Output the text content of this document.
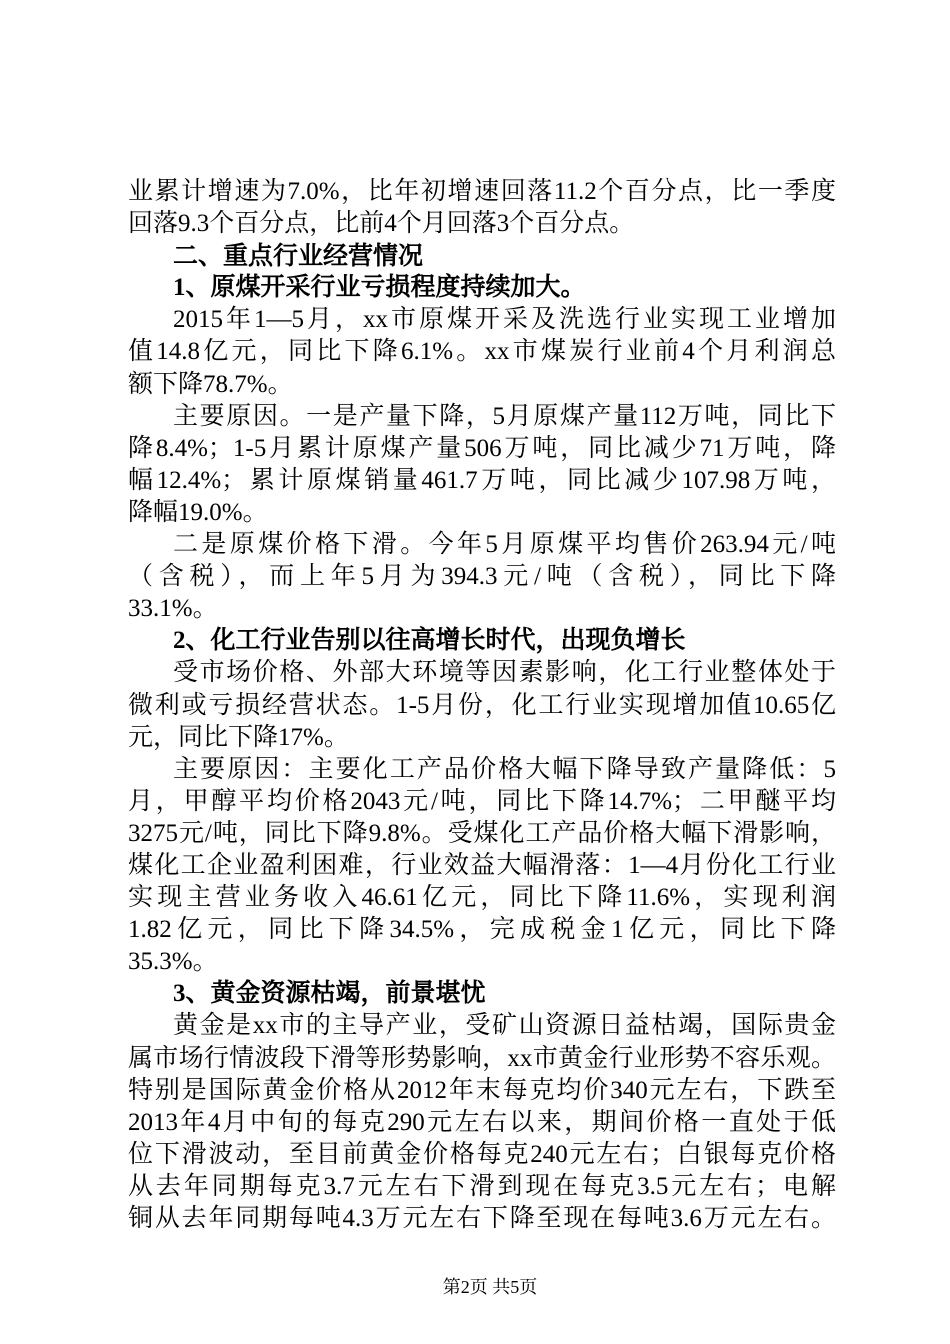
业累计增速为7.0%，比年初增速回落11.2个百分点，比一季度
回落9.3个百分点，比前4个月回落3个百分点。
二、重点行业经营情况
1、原煤开采行业亏损程度持续加大。
2015年1—5月，xx市原煤开采及洗选行业实现工业增加
值14.8亿元，同比下降6.1%。xx市煤炭行业前4个月利润总
额下降78.7%。
主要原因。一是产量下降，5月原煤产量112万吨，同比下
降8.4%；1-5月累计原煤产量506万吨，同比减少71万吨，降
幅12.4%；累计原煤销量461.7万吨，同比减少107.98万吨，
降幅19.0%。
二是原煤价格下滑。今年5月原煤平均售价263.94元/吨
（含税），而上年5月为394.3元/吨（含税），同比下降
33.1%。
2、化工行业告别以往高增长时代，出现负增长
受市场价格、外部大环境等因素影响，化工行业整体处于
微利或亏损经营状态。1-5月份，化工行业实现增加值10.65亿
元，同比下降17%。
主要原因：主要化工产品价格大幅下降导致产量降低：5
月，甲醇平均价格2043元/吨，同比下降14.7%；二甲醚平均
3275元/吨，同比下降9.8%。受煤化工产品价格大幅下滑影响，
煤化工企业盈利困难，行业效益大幅滑落：1—4月份化工行业
实现主营业务收入46.61亿元，同比下降11.6%，实现利润
1.82亿元，同比下降34.5%，完成税金1亿元，同比下降
35.3%。
3、黄金资源枯竭，前景堪忧
黄金是xx市的主导产业，受矿山资源日益枯竭，国际贵金
属市场行情波段下滑等形势影响，xx市黄金行业形势不容乐观。
特别是国际黄金价格从2012年末每克均价340元左右，下跌至
2013年4月中旬的每克290元左右以来，期间价格一直处于低
位下滑波动，至目前黄金价格每克240元左右；白银每克价格
从去年同期每克3.7元左右下滑到现在每克3.5元左右；电解
铜从去年同期每吨4.3万元左右下降至现在每吨3.6万元左右。
第2页 共5页
